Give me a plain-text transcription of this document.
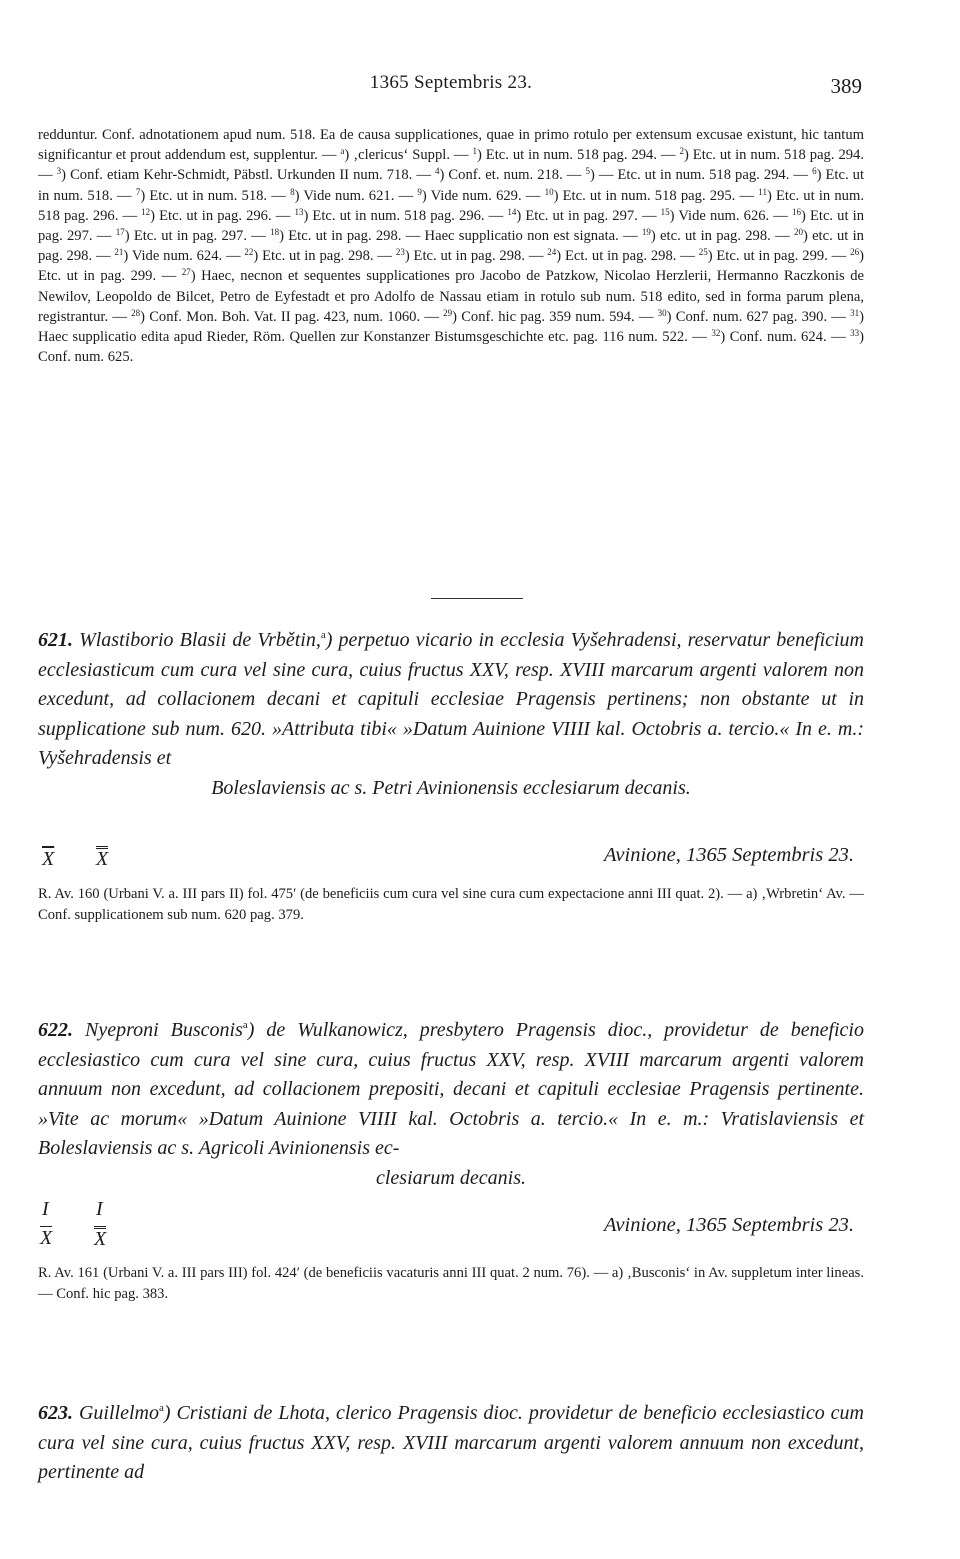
1365 Septembris 23.	389

redduntur. Conf. adnotationem apud num. 518. Ea de causa supplicationes, quae in primo rotulo per extensum excusae existunt, hic tantum significantur et prout addendum est, supplentur. — $^a$) ‚clericus‘ Suppl. — $^1$) Etc. ut in num. 518 pag. 294. — $^2$) Etc. ut in num. 518 pag. 294. — $^3$) Conf. etiam Kehr-Schmidt, Päbstl. Urkunden II num. 718. — $^4$) Conf. et. num. 218. — $^5$) — Etc. ut in num. 518 pag. 294. — $^6$) Etc. ut in num. 518. — $^7$) Etc. ut in num. 518. — $^8$) Vide num. 621. — $^9$) Vide num. 629. — $^{10}$) Etc. ut in num. 518 pag. 295. — $^{11}$) Etc. ut in num. 518 pag. 296. — $^{12}$) Etc. ut in pag. 296. — $^{13}$) Etc. ut in num. 518 pag. 296. — $^{14}$) Etc. ut in pag. 297. — $^{15}$) Vide num. 626. — $^{16}$) Etc. ut in pag. 297. — $^{17}$) Etc. ut in pag. 297. — $^{18}$) Etc. ut in pag. 298. — Haec supplicatio non est signata. — $^{19}$) etc. ut in pag. 298. — $^{20}$) etc. ut in pag. 298. — $^{21}$) Vide num. 624. — $^{22}$) Etc. ut in pag. 298. — $^{23}$) Etc. ut in pag. 298. — $^{24}$) Ect. ut in pag. 298. — $^{25}$) Etc. ut in pag. 299. — $^{26}$) Etc. ut in pag. 299. — $^{27}$) Haec, necnon et sequentes supplicationes pro Jacobo de Patzkow, Nicolao Herzlerii, Hermanno Raczkonis de Newilov, Leopoldo de Bilcet, Petro de Eyfestadt et pro Adolfo de Nassau etiam in rotulo sub num. 518 edito, sed in forma parum plena, registrantur. — $^{28}$) Conf. Mon. Boh. Vat. II pag. 423, num. 1060. — $^{29}$) Conf. hic pag. 359 num. 594. — $^{30}$) Conf. num. 627 pag. 390. — $^{31}$) Haec supplicatio edita apud Rieder, Röm. Quellen zur Konstanzer Bistumsgeschichte etc. pag. 116 num. 522. — $^{32}$) Conf. num. 624. — $^{33}$) Conf. num. 625.

621. Wlastiborio Blasii de Vrbětin,$^a$) perpetuo vicario in ecclesia Vyšehradensi, reservatur beneficium ecclesiasticum cum cura vel sine cura, cuius fructus XXV, resp. XVIII marcarum argenti valorem non excedunt, ad collacionem decani et capituli ecclesiae Pragensis pertinens; non obstante ut in supplicatione sub num. 620. »Attributa tibi« »Datum Auinione VIIII kal. Octobris a. tercio.« In e. m.: Vyšehradensis et

Boleslaviensis ac s. Petri Avinionensis ecclesiarum decanis.
$\overline{X}$ X	Avinione, 1365 Septembris 23.

R. Av. 160 (Urbani V. a. III pars II) fol. 475′ (de beneficiis cum cura vel sine cura cum expectacione anni III quat. 2). — a) ‚Wrbretin‘ Av. — Conf. supplicationem sub num. 620 pag. 379.

622. Nyeproni Busconis$^a$) de Wulkanowicz, presbytero Pragensis dioc., providetur de beneficio ecclesiastico cum cura vel sine cura, cuius fructus XXV, resp. XVIII marcarum argenti valorem annuum non excedunt, ad collacionem prepositi, decani et capituli ecclesiae Pragensis pertinente. »Vite ac morum« »Datum Auinione VIIII kal. Octobris a. tercio.« In e. m.: Vratislaviensis et Boleslaviensis ac s. Agricoli Avinionensis ec-

clesiarum decanis.
I
X
I
X
Avinione, 1365 Septembris 23.

R. Av. 161 (Urbani V. a. III pars III) fol. 424′ (de beneficiis vacaturis anni III quat. 2 num. 76). — a) ‚Busconis‘ in Av. suppletum inter lineas. — Conf. hic pag. 383.

623. Guillelmo$^a$) Cristiani de Lhota, clerico Pragensis dioc. providetur de beneficio ecclesiastico cum cura vel sine cura, cuius fructus XXV, resp. XVIII marcarum argenti valorem annuum non excedunt, pertinente ad
